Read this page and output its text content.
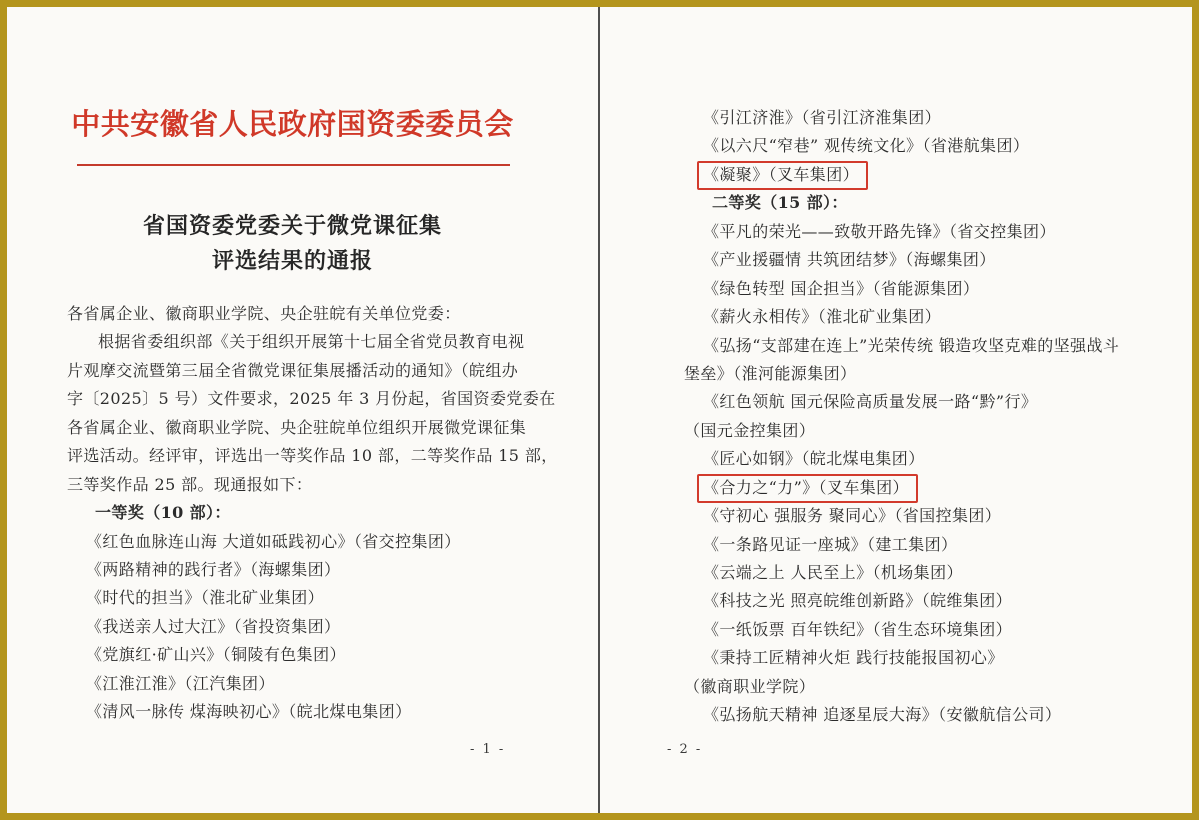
中共安徽省人民政府国资委委员会
省国资委党委关于微党课征集
评选结果的通报
各省属企业、徽商职业学院、央企驻皖有关单位党委：
根据省委组织部《关于组织开展第十七届全省党员教育电视
片观摩交流暨第三届全省微党课征集展播活动的通知》（皖组办
字〔2025〕5 号）文件要求，2025 年 3 月份起，省国资委党委在
各省属企业、徽商职业学院、央企驻皖单位组织开展微党课征集
评选活动。经评审，评选出一等奖作品 10 部，二等奖作品 15 部，
三等奖作品 25 部。现通报如下：
一等奖（10 部）：
《红色血脉连山海 大道如砥践初心》（省交控集团）
《两路精神的践行者》（海螺集团）
《时代的担当》（淮北矿业集团）
《我送亲人过大江》（省投资集团）
《党旗红·矿山兴》（铜陵有色集团）
《江淮江淮》（江汽集团）
《清风一脉传 煤海映初心》（皖北煤电集团）
- 1 -
《引江济淮》（省引江济淮集团）
《以六尺“窄巷” 观传统文化》（省港航集团）
《凝聚》（叉车集团）
二等奖（15 部）：
《平凡的荣光——致敬开路先锋》（省交控集团）
《产业援疆情 共筑团结梦》（海螺集团）
《绿色转型 国企担当》（省能源集团）
《薪火永相传》（淮北矿业集团）
《弘扬“支部建在连上”光荣传统 锻造攻坚克难的坚强战斗
堡垒》（淮河能源集团）
《红色领航 国元保险高质量发展一路“黔”行》
（国元金控集团）
《匠心如钢》（皖北煤电集团）
《合力之“力”》（叉车集团）
《守初心 强服务 聚同心》（省国控集团）
《一条路见证一座城》（建工集团）
《云端之上 人民至上》（机场集团）
《科技之光 照亮皖维创新路》（皖维集团）
《一纸饭票 百年铁纪》（省生态环境集团）
《秉持工匠精神火炬 践行技能报国初心》
（徽商职业学院）
《弘扬航天精神 追逐星辰大海》（安徽航信公司）
- 2 -
